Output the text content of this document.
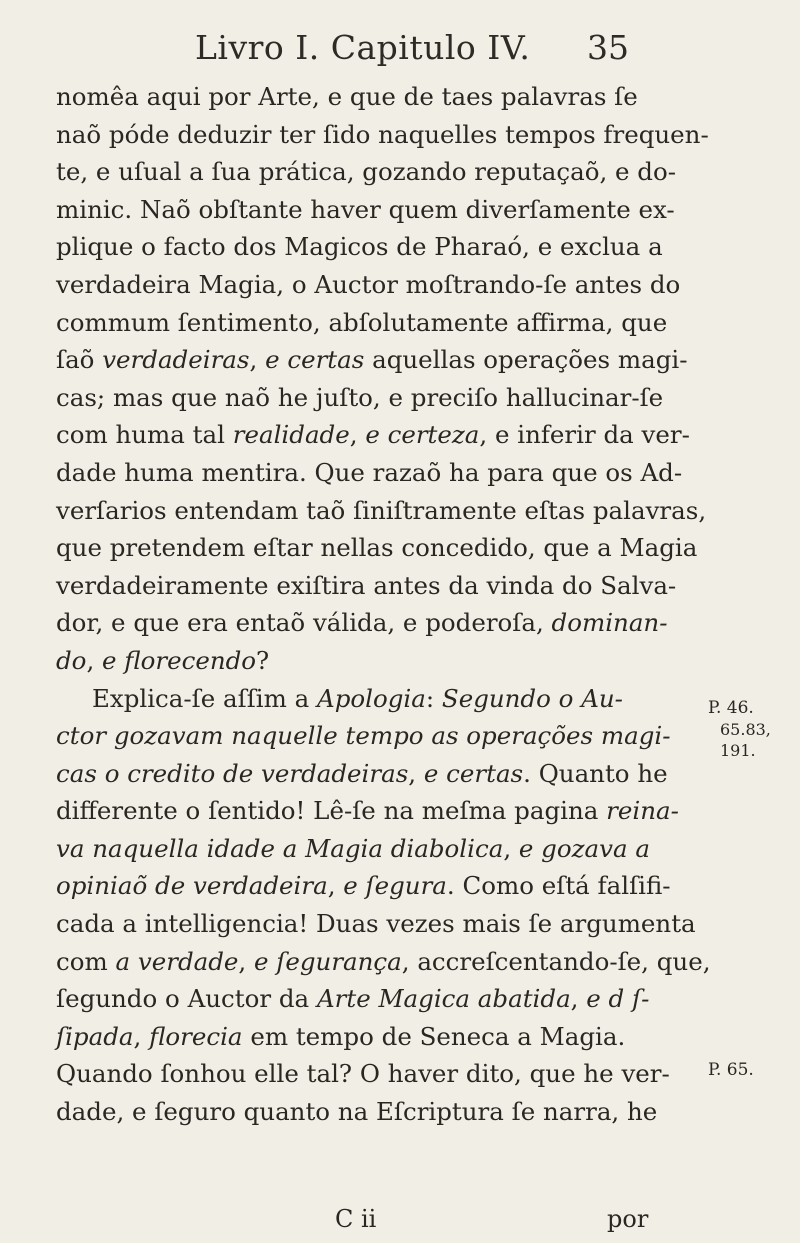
Livro I. Capitulo IV. 35
nomêa aqui por Arte, e que de taes palavras ſe
naõ póde deduzir ter ſido naquelles tempos frequen-
te, e uſual a ſua prática, gozando reputaçaõ, e do-
minic. Naõ obſtante haver quem diverſamente ex-
plique o facto dos Magicos de Pharaó, e exclua a
verdadeira Magia, o Auctor moſtrando-ſe antes do
commum ſentimento, abſolutamente affirma, que
ſaõ verdadeiras, e certas aquellas operações magi-
cas; mas que naõ he juſto, e preciſo hallucinar-ſe
com huma tal realidade, e certeza, e inferir da ver-
dade huma mentira. Que razaõ ha para que os Ad-
verſarios entendam taõ ſiniſtramente eſtas palavras,
que pretendem eſtar nellas concedido, que a Magia
verdadeiramente exiſtira antes da vinda do Salva-
dor, e que era entaõ válida, e poderoſa, dominan-
do, e florecendo?
Explica-ſe aſſim a Apologia: Segundo o Au-
ctor gozavam naquelle tempo as operações magi-
cas o credito de verdadeiras, e certas. Quanto he
differente o ſentido! Lê-ſe na meſma pagina reina-
va naquella idade a Magia diabolica, e gozava a
opiniaõ de verdadeira, e ſegura. Como eſtá falſifi-
cada a intelligencia! Duas vezes mais ſe argumenta
com a verdade, e ſegurança, accreſcentando-ſe, que,
ſegundo o Auctor da Arte Magica abatida, e d ſ-
ſipada, florecia em tempo de Seneca a Magia.
Quando ſonhou elle tal? O haver dito, que he ver-
dade, e ſeguro quanto na Eſcriptura ſe narra, he
P. 46.
65.83,
191.
P. 65.
C ii	por
